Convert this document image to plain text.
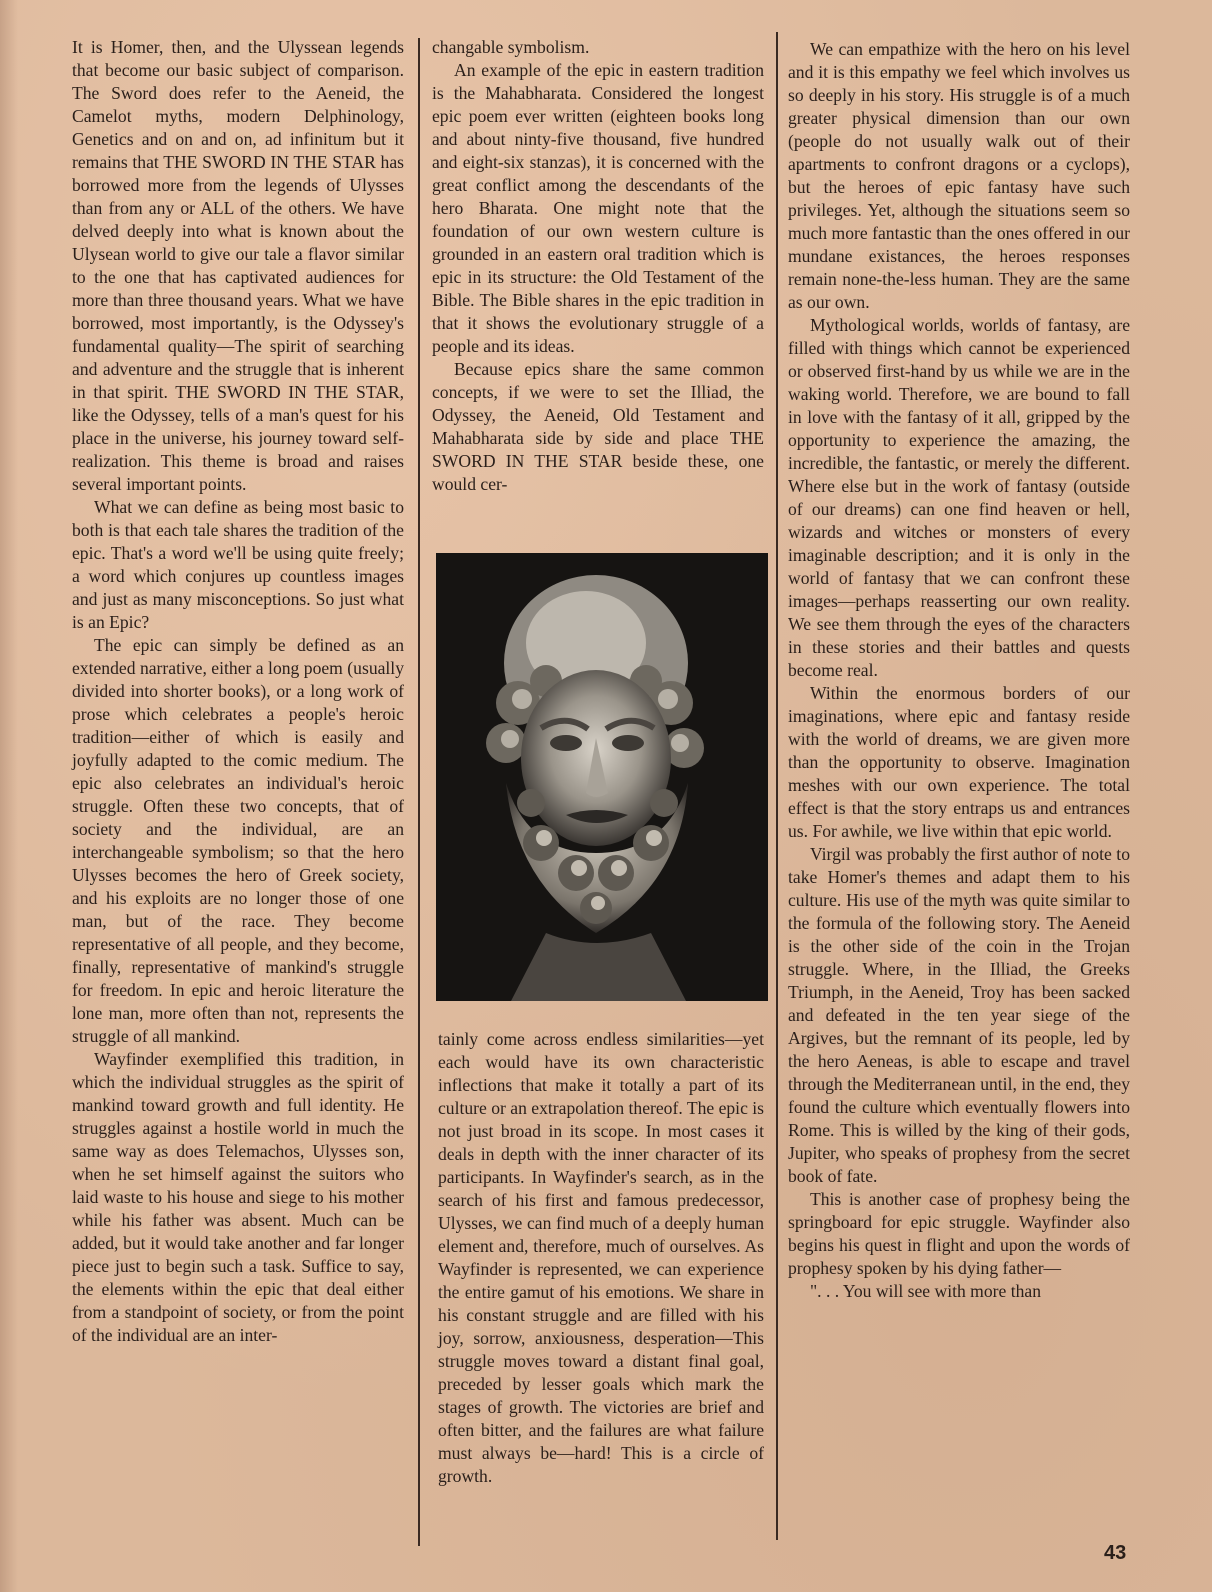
It is Homer, then, and the Ulyssean legends that become our basic subject of comparison. The Sword does refer to the Aeneid, the Camelot myths, modern Delphinology, Genetics and on and on, ad infinitum but it remains that THE SWORD IN THE STAR has borrowed more from the legends of Ulysses than from any or ALL of the others. We have delved deeply into what is known about the Ulysean world to give our tale a flavor similar to the one that has captivated audiences for more than three thousand years. What we have borrowed, most importantly, is the Odyssey's fundamental quality—The spirit of searching and adventure and the struggle that is inherent in that spirit. THE SWORD IN THE STAR, like the Odyssey, tells of a man's quest for his place in the universe, his journey toward self-realization. This theme is broad and raises several important points.

What we can define as being most basic to both is that each tale shares the tradition of the epic. That's a word we'll be using quite freely; a word which conjures up countless images and just as many misconceptions. So just what is an Epic?

The epic can simply be defined as an extended narrative, either a long poem (usually divided into shorter books), or a long work of prose which celebrates a people's heroic tradition—either of which is easily and joyfully adapted to the comic medium. The epic also celebrates an individual's heroic struggle. Often these two concepts, that of society and the individual, are an interchangeable symbolism; so that the hero Ulysses becomes the hero of Greek society, and his exploits are no longer those of one man, but of the race. They become representative of all people, and they become, finally, representative of mankind's struggle for freedom. In epic and heroic literature the lone man, more often than not, represents the struggle of all mankind.

Wayfinder exemplified this tradition, in which the individual struggles as the spirit of mankind toward growth and full identity. He struggles against a hostile world in much the same way as does Telemachos, Ulysses son, when he set himself against the suitors who laid waste to his house and siege to his mother while his father was absent. Much can be added, but it would take another and far longer piece just to begin such a task. Suffice to say, the elements within the epic that deal either from a standpoint of society, or from the point of the individual are an inter-

changable symbolism.

An example of the epic in eastern tradition is the Mahabharata. Considered the longest epic poem ever written (eighteen books long and about ninty-five thousand, five hundred and eight-six stanzas), it is concerned with the great conflict among the descendants of the hero Bharata. One might note that the foundation of our own western culture is grounded in an eastern oral tradition which is epic in its structure: the Old Testament of the Bible. The Bible shares in the epic tradition in that it shows the evolutionary struggle of a people and its ideas.

Because epics share the same common concepts, if we were to set the Illiad, the Odyssey, the Aeneid, Old Testament and Mahabharata side by side and place THE SWORD IN THE STAR beside these, one would cer-

tainly come across endless similarities—yet each would have its own characteristic inflections that make it totally a part of its culture or an extrapolation thereof. The epic is not just broad in its scope. In most cases it deals in depth with the inner character of its participants. In Wayfinder's search, as in the search of his first and famous predecessor, Ulysses, we can find much of a deeply human element and, therefore, much of ourselves. As Wayfinder is represented, we can experience the entire gamut of his emotions. We share in his constant struggle and are filled with his joy, sorrow, anxiousness, desperation—This struggle moves toward a distant final goal, preceded by lesser goals which mark the stages of growth. The victories are brief and often bitter, and the failures are what failure must always be—hard! This is a circle of growth.

We can empathize with the hero on his level and it is this empathy we feel which involves us so deeply in his story. His struggle is of a much greater physical dimension than our own (people do not usually walk out of their apartments to confront dragons or a cyclops), but the heroes of epic fantasy have such privileges. Yet, although the situations seem so much more fantastic than the ones offered in our mundane existances, the heroes responses remain none-the-less human. They are the same as our own.

Mythological worlds, worlds of fantasy, are filled with things which cannot be experienced or observed first-hand by us while we are in the waking world. Therefore, we are bound to fall in love with the fantasy of it all, gripped by the opportunity to experience the amazing, the incredible, the fantastic, or merely the different. Where else but in the work of fantasy (outside of our dreams) can one find heaven or hell, wizards and witches or monsters of every imaginable description; and it is only in the world of fantasy that we can confront these images—perhaps reasserting our own reality. We see them through the eyes of the characters in these stories and their battles and quests become real.

Within the enormous borders of our imaginations, where epic and fantasy reside with the world of dreams, we are given more than the opportunity to observe. Imagination meshes with our own experience. The total effect is that the story entraps us and entrances us. For awhile, we live within that epic world.

Virgil was probably the first author of note to take Homer's themes and adapt them to his culture. His use of the myth was quite similar to the formula of the following story. The Aeneid is the other side of the coin in the Trojan struggle. Where, in the Illiad, the Greeks Triumph, in the Aeneid, Troy has been sacked and defeated in the ten year siege of the Argives, but the remnant of its people, led by the hero Aeneas, is able to escape and travel through the Mediterranean until, in the end, they found the culture which eventually flowers into Rome. This is willed by the king of their gods, Jupiter, who speaks of prophesy from the secret book of fate.

This is another case of prophesy being the springboard for epic struggle. Wayfinder also begins his quest in flight and upon the words of prophesy spoken by his dying father—

". . . You will see with more than

43
